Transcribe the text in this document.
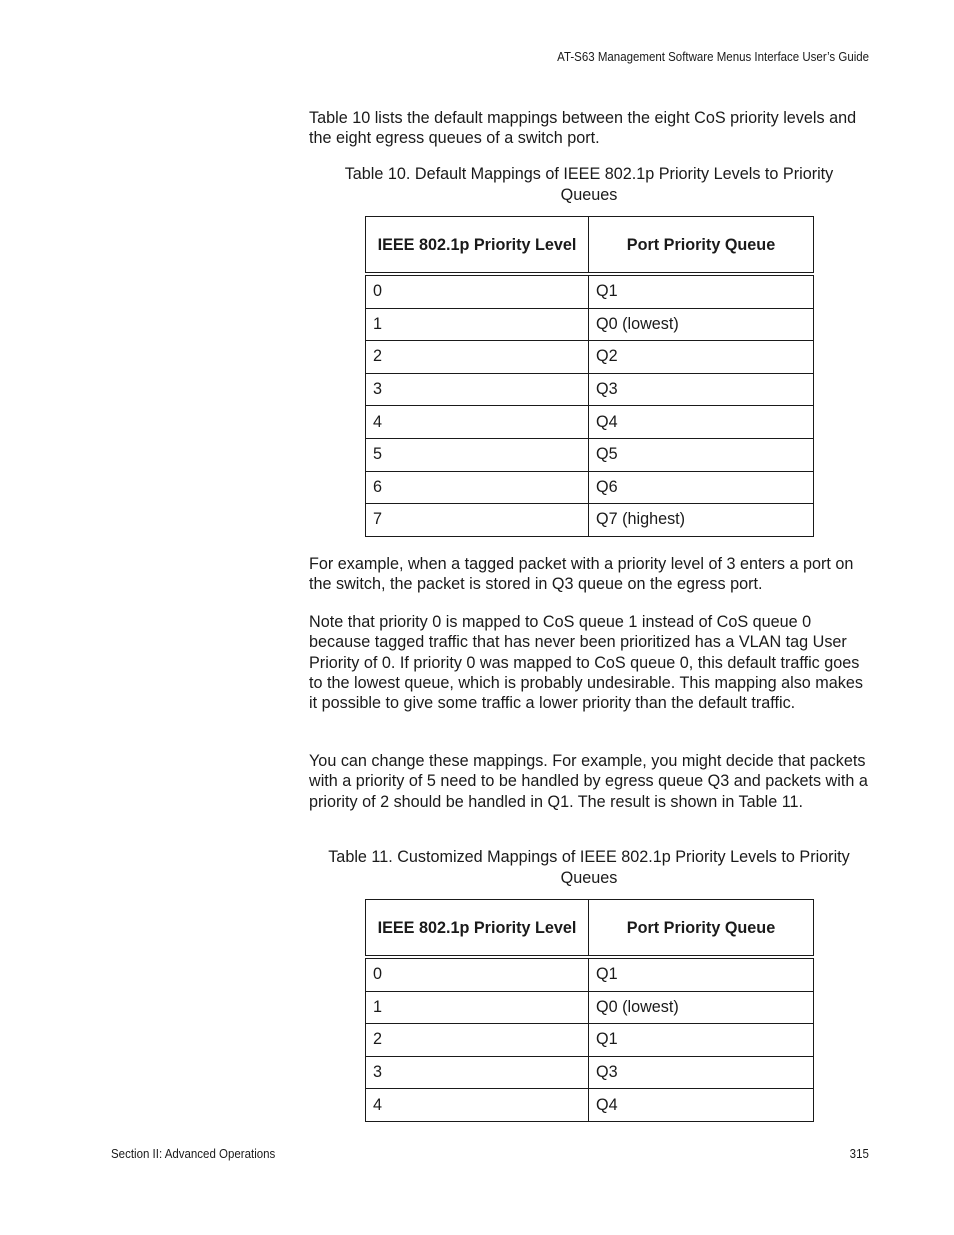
AT-S63 Management Software Menus Interface User’s Guide

Table 10 lists the default mappings between the eight CoS priority levels and the eight egress queues of a switch port.

Table 10. Default Mappings of IEEE 802.1p Priority Levels to Priority Queues

IEEE 802.1p Priority Level	Port Priority Queue
0	Q1
1	Q0 (lowest)
2	Q2
3	Q3
4	Q4
5	Q5
6	Q6
7	Q7 (highest)

For example, when a tagged packet with a priority level of 3 enters a port on the switch, the packet is stored in Q3 queue on the egress port.

Note that priority 0 is mapped to CoS queue 1 instead of CoS queue 0 because tagged traffic that has never been prioritized has a VLAN tag User Priority of 0. If priority 0 was mapped to CoS queue 0, this default traffic goes to the lowest queue, which is probably undesirable. This mapping also makes it possible to give some traffic a lower priority than the default traffic.

You can change these mappings. For example, you might decide that packets with a priority of 5 need to be handled by egress queue Q3 and packets with a priority of 2 should be handled in Q1. The result is shown in Table 11.

Table 11. Customized Mappings of IEEE 802.1p Priority Levels to Priority Queues

IEEE 802.1p Priority Level	Port Priority Queue
0	Q1
1	Q0 (lowest)
2	Q1
3	Q3
4	Q4
Section II: Advanced Operations	315
